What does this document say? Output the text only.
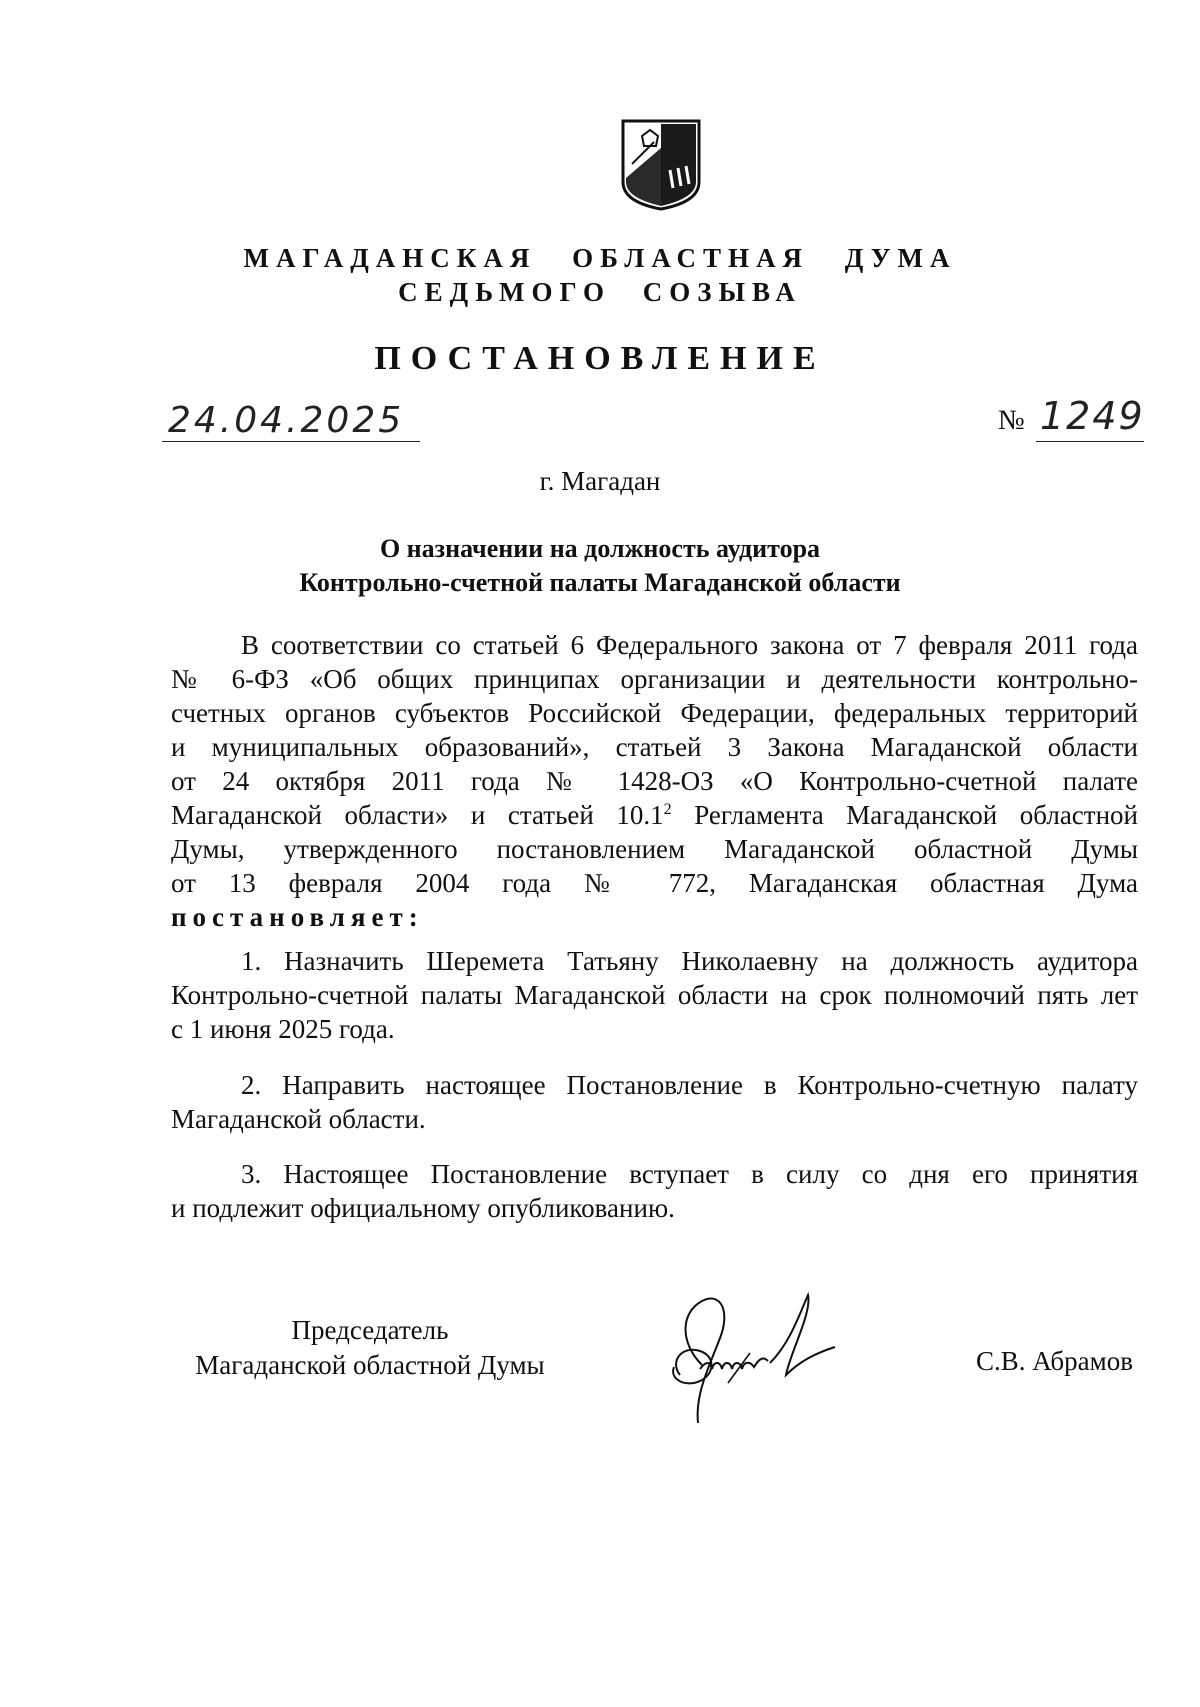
МАГАДАНСКАЯ ОБЛАСТНАЯ ДУМА
СЕДЬМОГО СОЗЫВА
ПОСТАНОВЛЕНИЕ
24.04.2025	№ 1249
г. Магадан
О назначении на должность аудитора
Контрольно-счетной палаты Магаданской области

В соответствии со статьей 6 Федерального закона от 7 февраля 2011 года

№ 6-ФЗ «Об общих принципах организации и деятельности контрольно-

счетных органов субъектов Российской Федерации, федеральных территорий

и муниципальных образований», статьей 3 Закона Магаданской области

от 24 октября 2011 года № 1428-ОЗ «О Контрольно-счетной палате

Магаданской области» и статьей 10.1$^2$ Регламента Магаданской областной

Думы, утвержденного постановлением Магаданской областной Думы

от 13 февраля 2004 года № 772, Магаданская областная Дума

постановляет:

1. Назначить Шеремета Татьяну Николаевну на должность аудитора

Контрольно-счетной палаты Магаданской области на срок полномочий пять лет

с 1 июня 2025 года.

2. Направить настоящее Постановление в Контрольно-счетную палату

Магаданской области.

3. Настоящее Постановление вступает в силу со дня его принятия

и подлежит официальному опубликованию.

Председатель
Магаданской областной Думы	С.В. Абрамов
